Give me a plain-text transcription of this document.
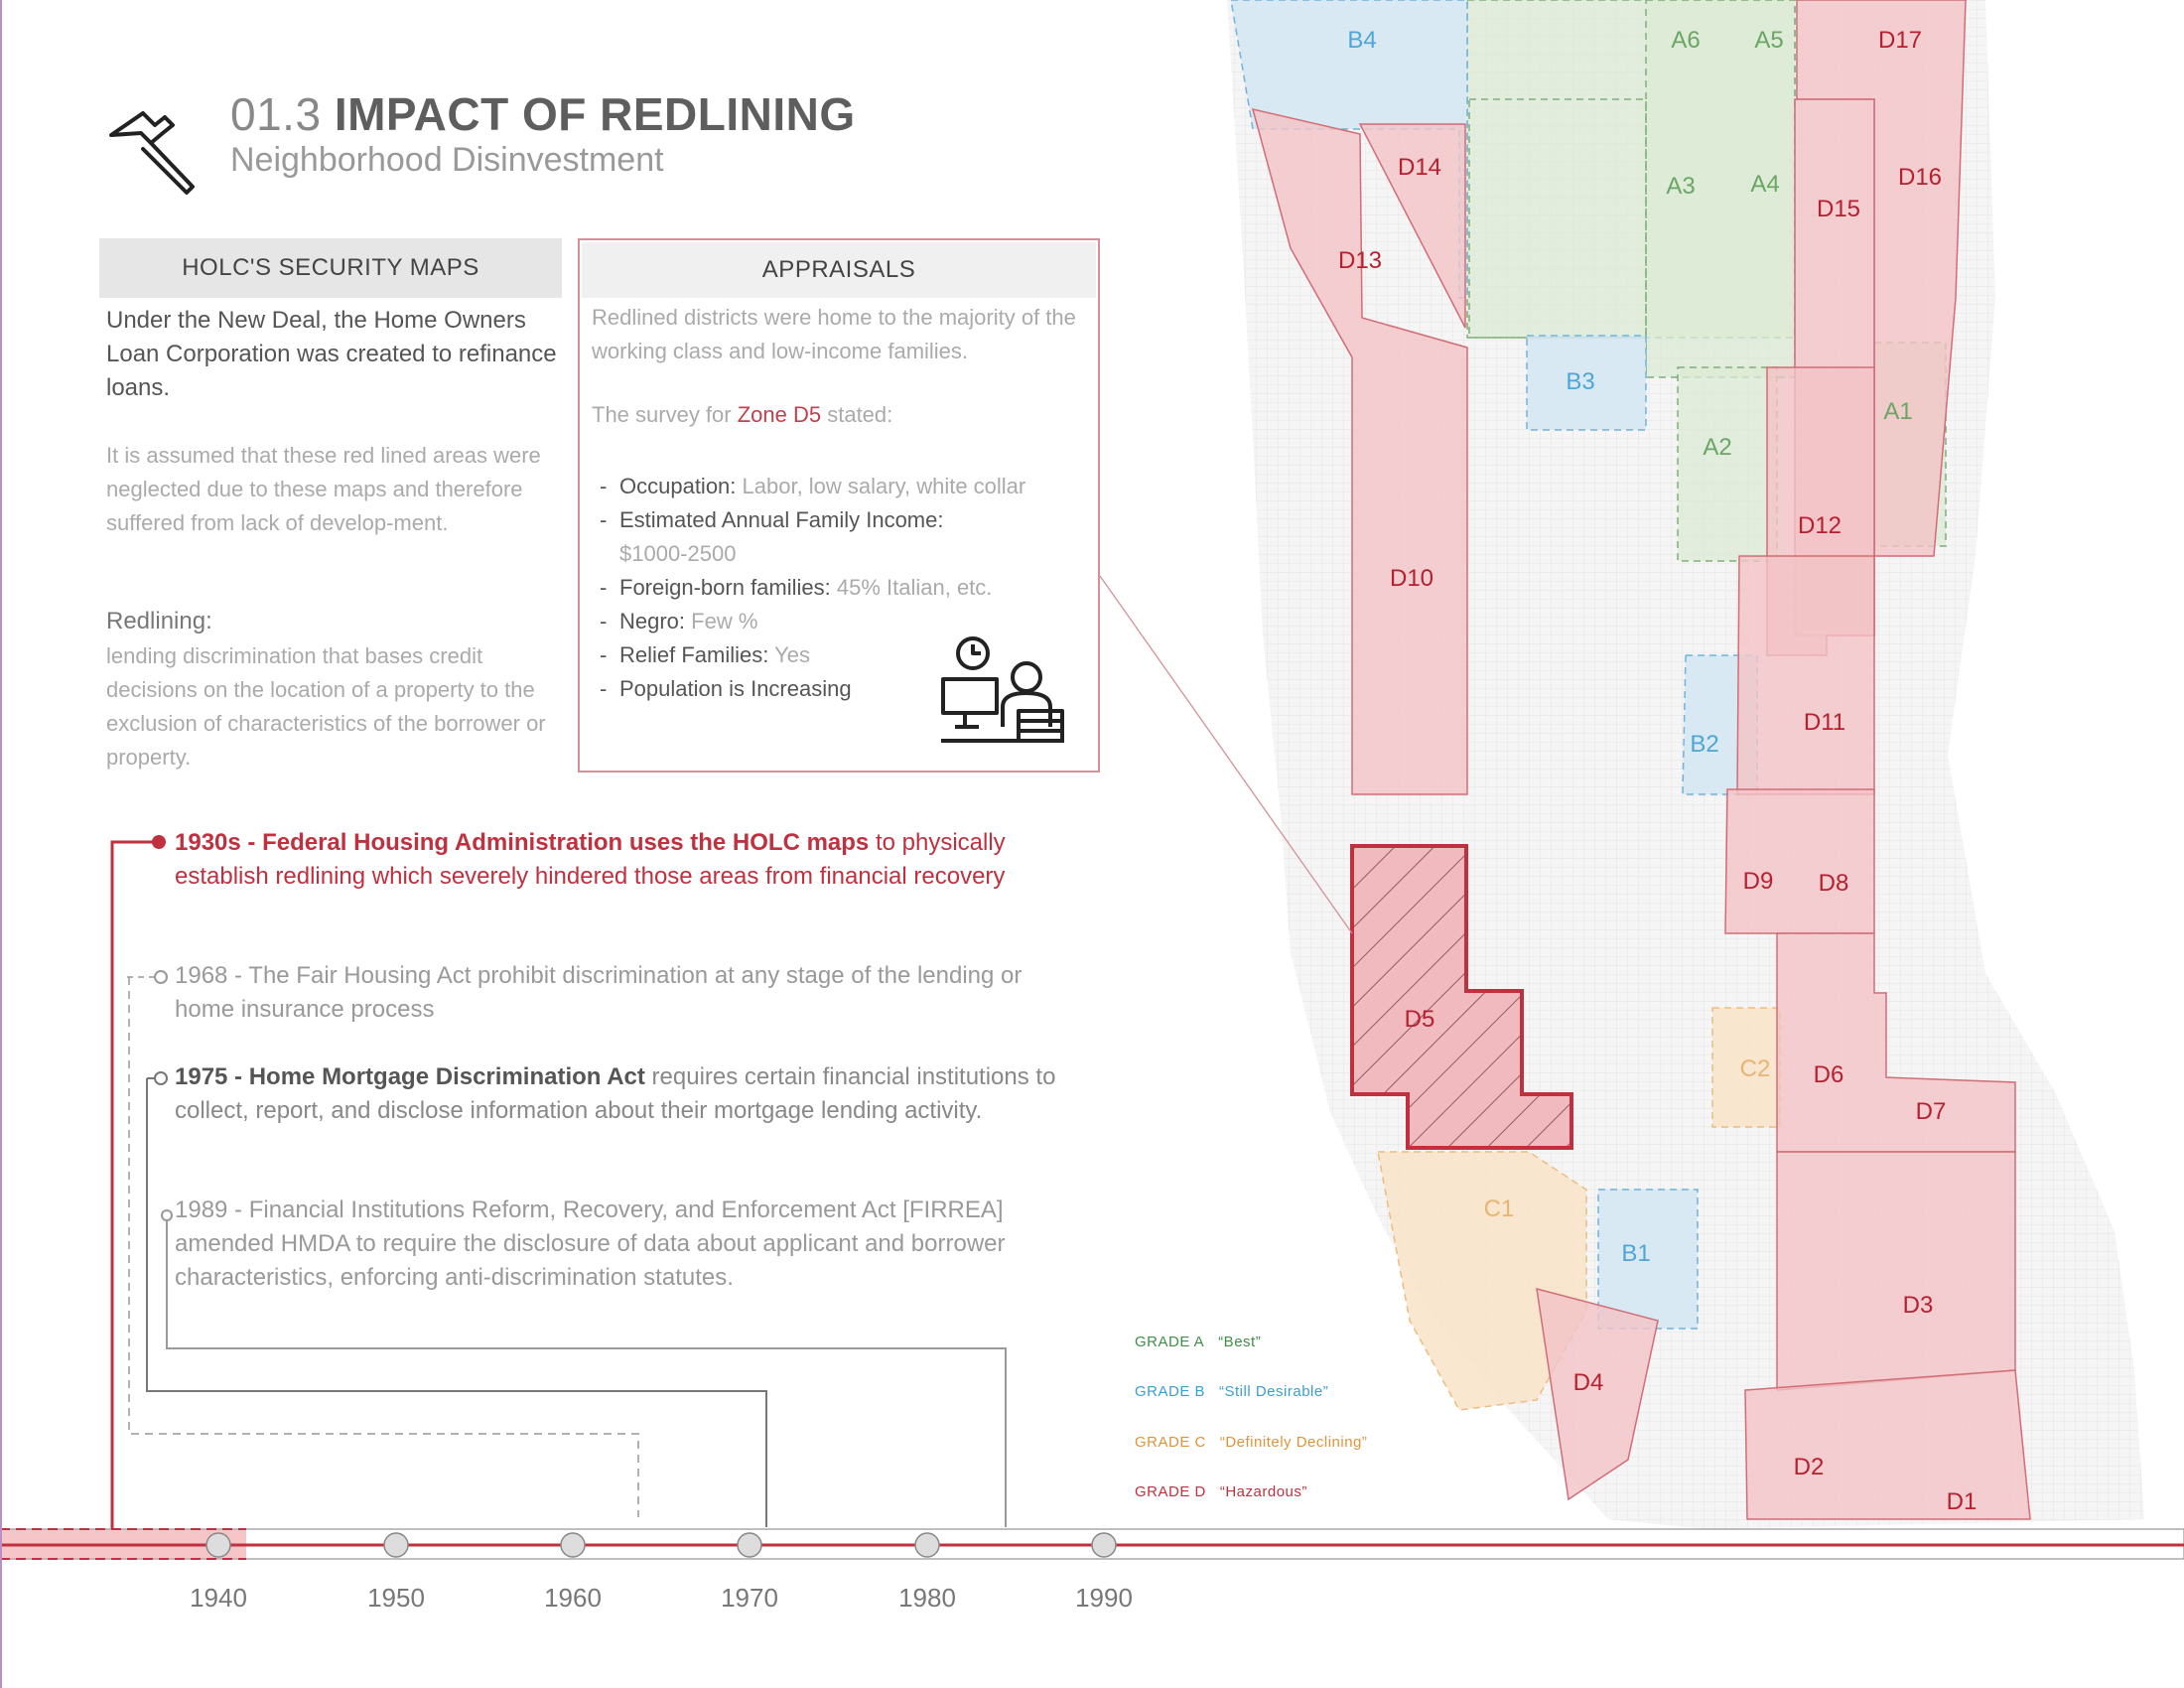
A1
A2
A3 A4
A5
A6
B1
B2
B3
B4
C1
C2
D1
D2
D3
D4
D5
D6
D7
D8
D9
D10
D11
D12
D13
D14
D15
D16
D17
01.3 IMPACT OF REDLINING
Neighborhood Disinvestment
HOLC'S SECURITY MAPS
Under the New Deal, the Home Owners Loan Corporation was created to refinance loans.
It is assumed that these red lined areas were neglected due to these maps and therefore suffered from lack of develop-ment.
Redlining:
lending discrimination that bases credit decisions on the location of a property to the exclusion of characteristics of the borrower or property.
APPRAISALS
Redlined districts were home to the majority of the working class and low-income families.
The survey for Zone D5 stated:
- Occupation: Labor, low salary, white collar
- Estimated Annual Family Income:
$1000-2500
- Foreign-born families: 45% Italian, etc.
- Negro: Few %
- Relief Families: Yes
- Population is Increasing
1930s - Federal Housing Administration uses the HOLC maps to physically establish redlining which severely hindered those areas from financial recovery
1968 - The Fair Housing Act prohibit discrimination at any stage of the lending or home insurance process
1975 - Home Mortgage Discrimination Act requires certain financial institutions to collect, report, and disclose information about their mortgage lending activity.
1989 - Financial Institutions Reform, Recovery, and Enforcement Act [FIRREA] amended HMDA to require the disclosure of data about applicant and borrower characteristics, enforcing anti-discrimination statutes.
1940	1950	1960	1970	1980	1990
GRADE A “Best”
GRADE B “Still Desirable”
GRADE C “Definitely Declining”
GRADE D “Hazardous”
